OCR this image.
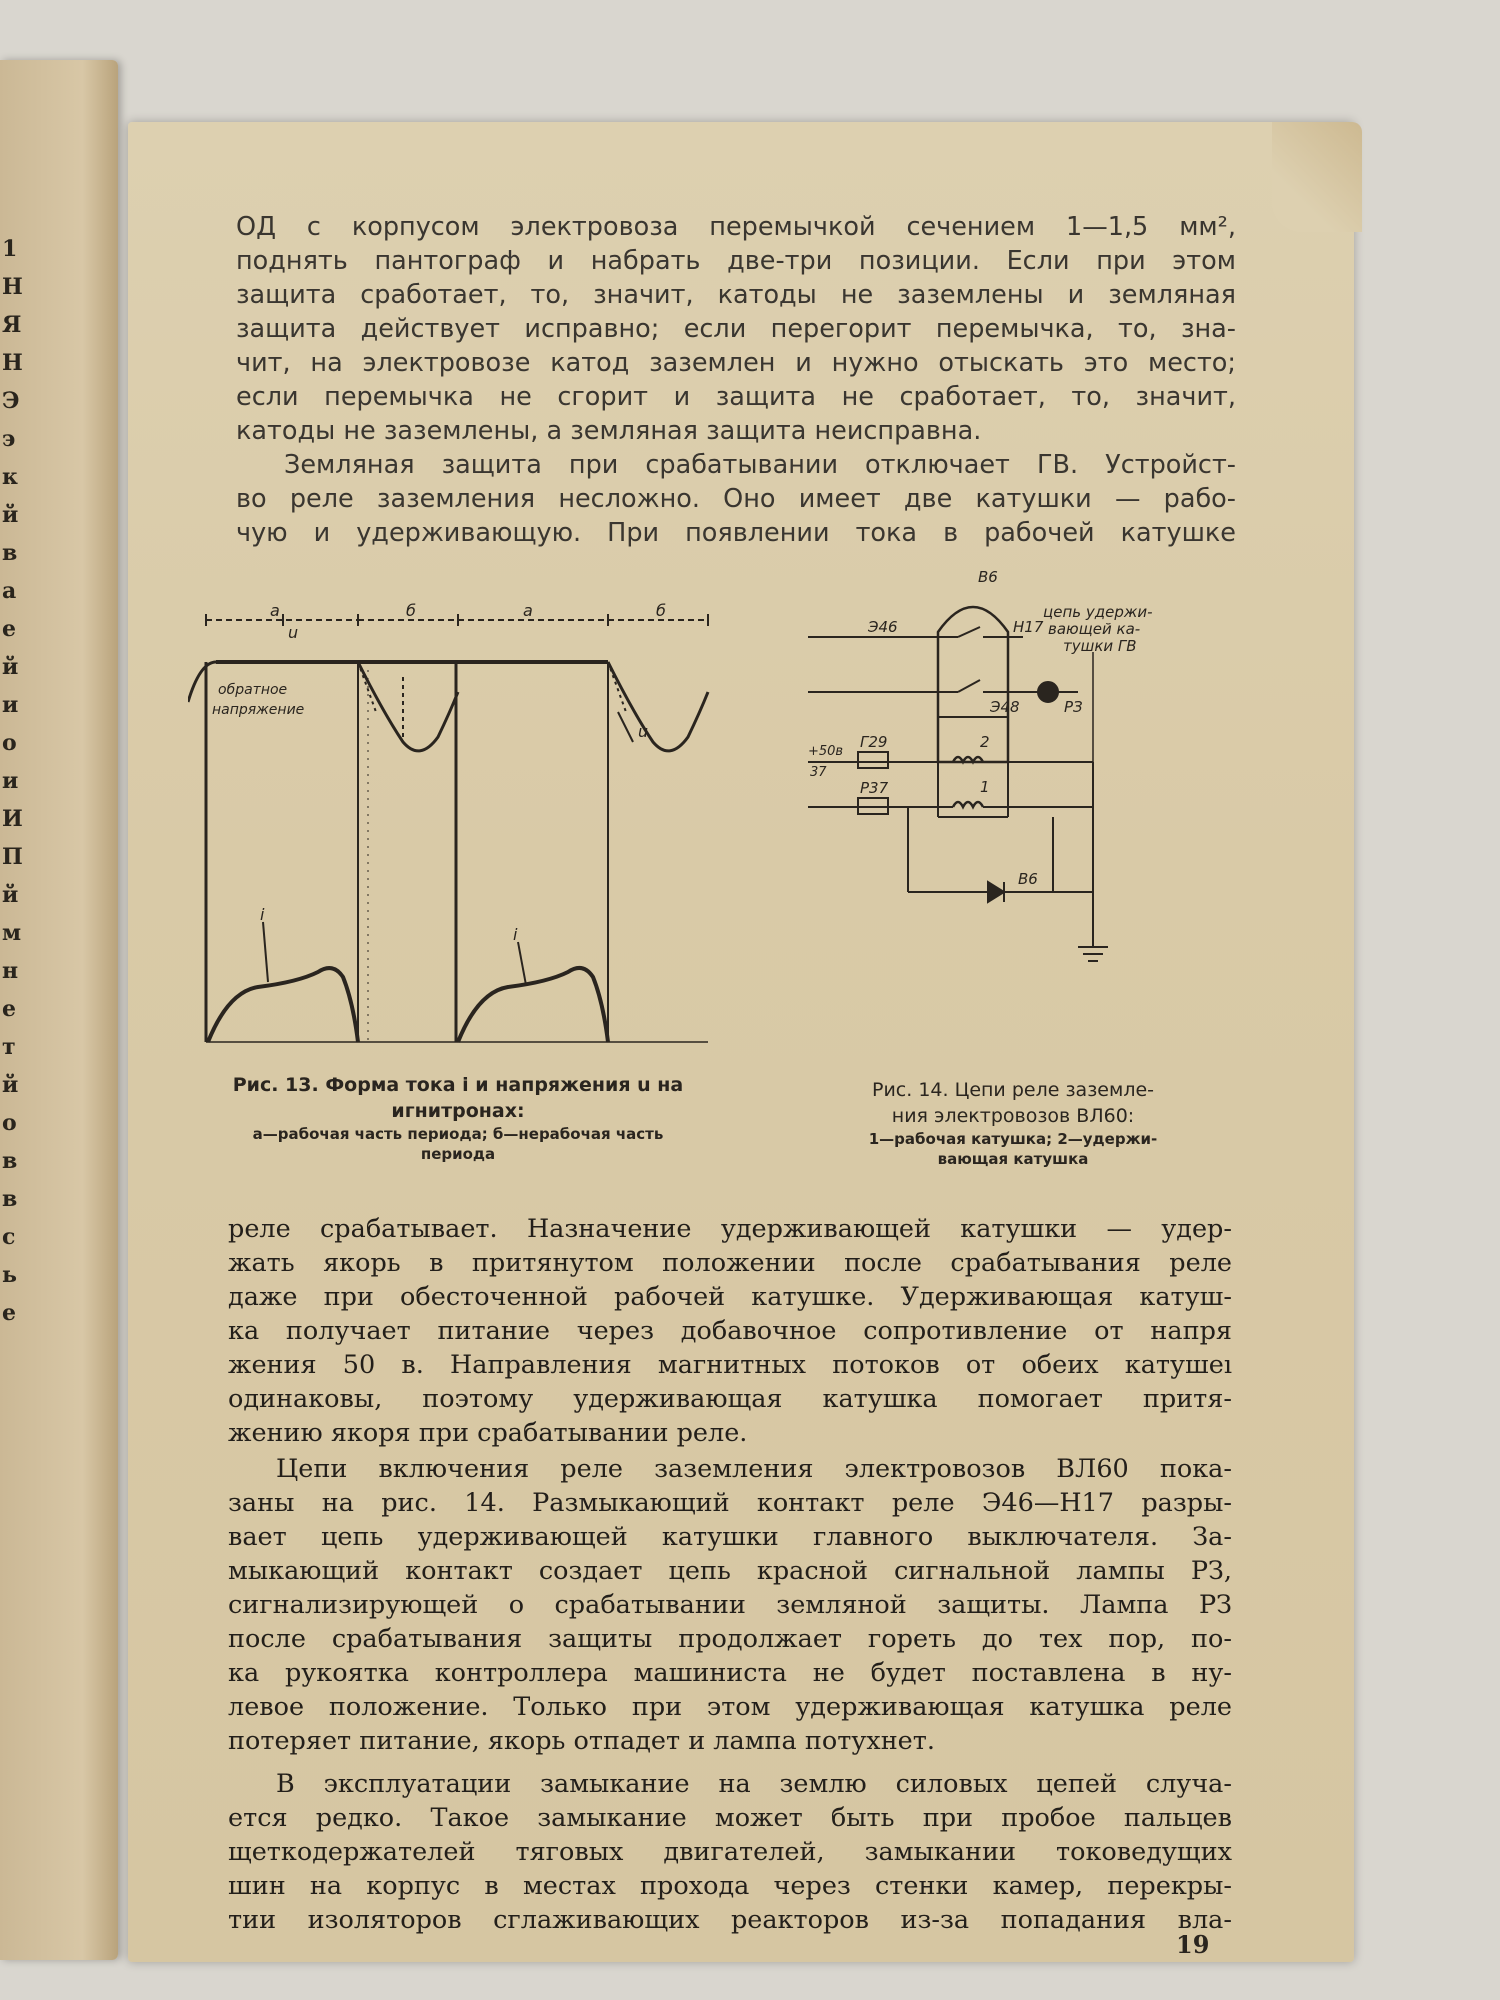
1
Н
Я
Н
Э
э
к
й
в
а
е
й
и
о
и
И
П
й
м
н
е
т
й
о
в
в
с
ь
е
ОД с корпусом электровоза перемычкой сечением 1—1,5 мм²,
поднять пантограф и набрать две-три позиции. Если при этом
защита сработает, то, значит, катоды не заземлены и земляная
защита действует исправно; если перегорит перемычка, то, зна-
чит, на электровозе катод заземлен и нужно отыскать это место;
если перемычка не сгорит и защита не сработает, то, значит,
катоды не заземлены, а земляная защита неисправна.
Земляная защита при срабатывании отключает ГВ. Устройст-
во реле заземления несложно. Оно имеет две катушки — рабо-
чую и удерживающую. При появлении тока в рабочей катушке
а
u
б	а	б
обратное
напряжение
u
i
i
Рис. 13. Форма тока i и напряжения u на
игнитронах:
а—рабочая часть периода; б—нерабочая часть
периода
В6
цепь удержи-
вающей ка-
тушки ГВ
Э46	Н17
Э48	РЗ
2
1
+50в
37
Г29
Р37
В6
Рис. 14. Цепи реле заземле-
ния электровозов ВЛ60:
1—рабочая катушка; 2—удержи-
вающая катушка
реле срабатывает. Назначение удерживающей катушки — удер-
жать якорь в притянутом положении после срабатывания реле
даже при обесточенной рабочей катушке. Удерживающая катуш-
ка получает питание через добавочное сопротивление от напря
жения 50 в. Направления магнитных потоков от обеих катушеı
одинаковы, поэтому удерживающая катушка помогает притя-
жению якоря при срабатывании реле.
Цепи включения реле заземления электровозов ВЛ60 пока-
заны на рис. 14. Размыкающий контакт реле Э46—Н17 разры-
вает цепь удерживающей катушки главного выключателя. За-
мыкающий контакт создает цепь красной сигнальной лампы РЗ,
сигнализирующей о срабатывании земляной защиты. Лампа РЗ
после срабатывания защиты продолжает гореть до тех пор, по-
ка рукоятка контроллера машиниста не будет поставлена в ну-
левое положение. Только при этом удерживающая катушка реле
потеряет питание, якорь отпадет и лампа потухнет.
В эксплуатации замыкание на землю силовых цепей случа-
ется редко. Такое замыкание может быть при пробое пальцев
щеткодержателей тяговых двигателей, замыкании токоведущих
шин на корпус в местах прохода через стенки камер, перекры-
тии изоляторов сглаживающих реакторов из-за попадания вла-
19
